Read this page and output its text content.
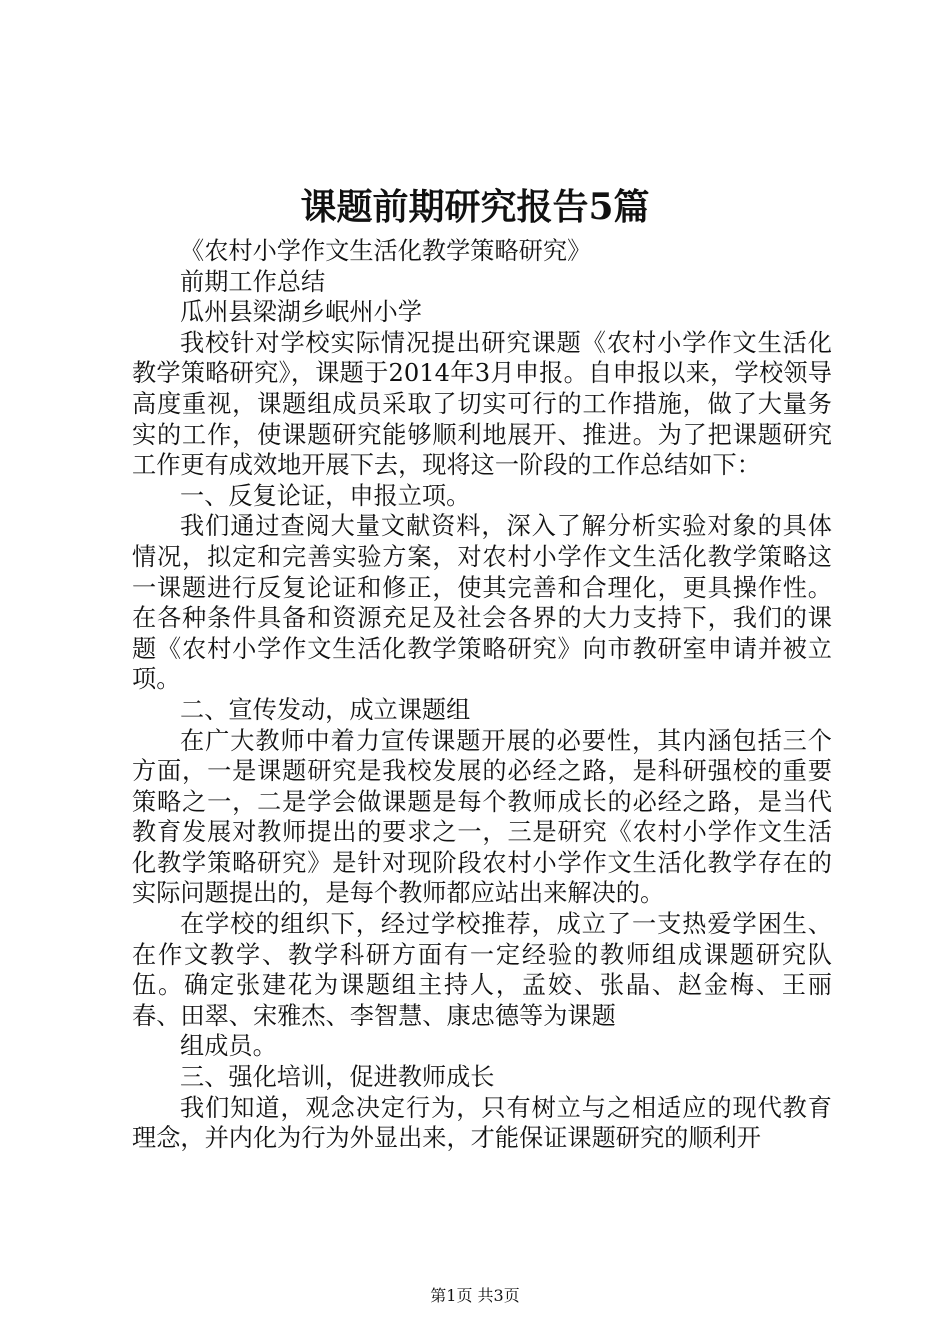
课题前期研究报告5篇

《农村小学作文生活化教学策略研究》

前期工作总结

瓜州县梁湖乡岷州小学

我校针对学校实际情况提出研究课题《农村小学作文生活化教学策略研究》，课题于2014年3月申报。自申报以来，学校领导高度重视，课题组成员采取了切实可行的工作措施，做了大量务实的工作，使课题研究能够顺利地展开、推进。为了把课题研究工作更有成效地开展下去，现将这一阶段的工作总结如下：

一、反复论证，申报立项。

我们通过查阅大量文献资料，深入了解分析实验对象的具体情况，拟定和完善实验方案，对农村小学作文生活化教学策略这一课题进行反复论证和修正，使其完善和合理化，更具操作性。在各种条件具备和资源充足及社会各界的大力支持下，我们的课题《农村小学作文生活化教学策略研究》向市教研室申请并被立项。

二、宣传发动，成立课题组

在广大教师中着力宣传课题开展的必要性，其内涵包括三个方面，一是课题研究是我校发展的必经之路，是科研强校的重要策略之一，二是学会做课题是每个教师成长的必经之路，是当代教育发展对教师提出的要求之一，三是研究《农村小学作文生活化教学策略研究》是针对现阶段农村小学作文生活化教学存在的实际问题提出的，是每个教师都应站出来解决的。

在学校的组织下，经过学校推荐，成立了一支热爱学困生、在作文教学、教学科研方面有一定经验的教师组成课题研究队伍。确定张建花为课题组主持人，孟姣、张晶、赵金梅、王丽春、田翠、宋雅杰、李智慧、康忠德等为课题

组成员。

三、强化培训，促进教师成长

我们知道，观念决定行为，只有树立与之相适应的现代教育理念，并内化为行为外显出来，才能保证课题研究的顺利开

第1页 共3页
